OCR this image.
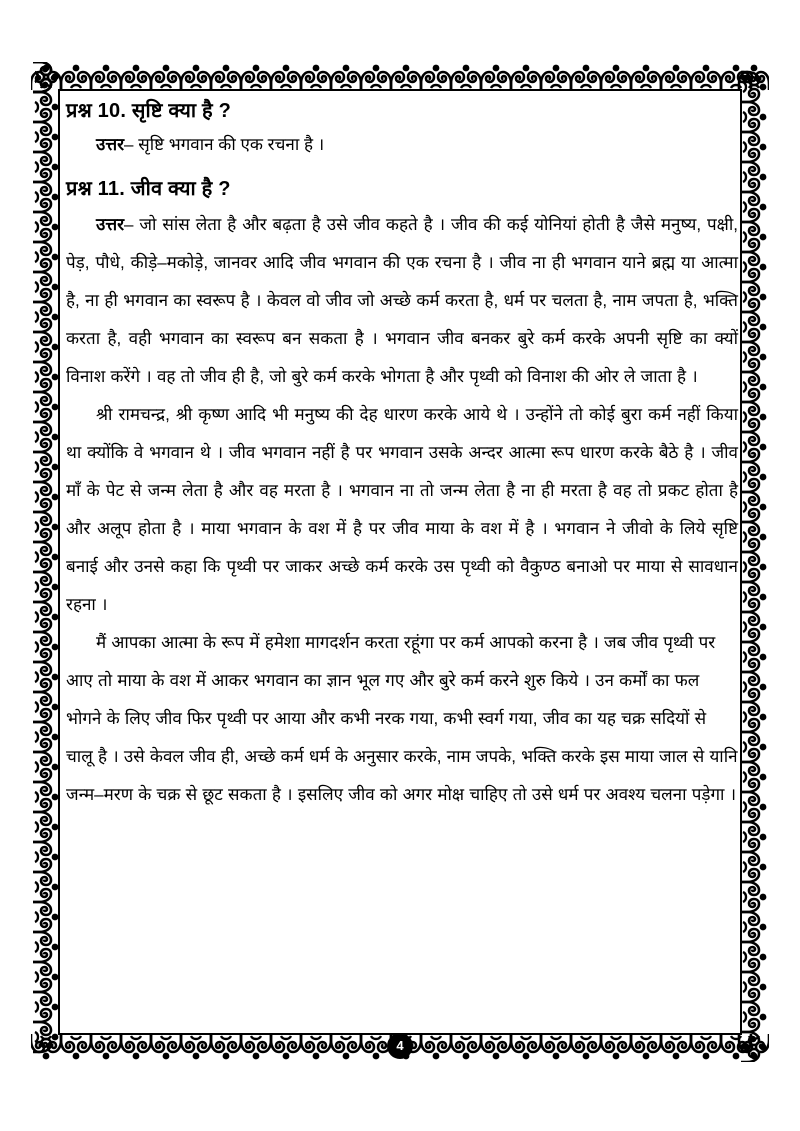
4
प्रश्न 10. सृष्टि क्या है ?

उत्तर– सृष्टि भगवान की एक रचना है ।

प्रश्न 11. जीव क्या है ?

उत्तर– जो सांस लेता है और बढ़ता है उसे जीव कहते है । जीव की कई योनियां होती है जैसे मनुष्य, पक्षी, पेड़, पौधे, कीड़े–मकोड़े, जानवर आदि जीव भगवान की एक रचना है । जीव ना ही भगवान याने ब्रह्म या आत्मा है, ना ही भगवान का स्वरूप है । केवल वो जीव जो अच्छे कर्म करता है, धर्म पर चलता है, नाम जपता है, भक्ति करता है, वही भगवान का स्वरूप बन सकता है । भगवान जीव बनकर बुरे कर्म करके अपनी सृष्टि का क्यों विनाश करेंगे । वह तो जीव ही है, जो बुरे कर्म करके भोगता है और पृथ्वी को विनाश की ओर ले जाता है ।

श्री रामचन्द्र, श्री कृष्ण आदि भी मनुष्य की देह धारण करके आये थे । उन्होंने तो कोई बुरा कर्म नहीं किया था क्योंकि वे भगवान थे । जीव भगवान नहीं है पर भगवान उसके अन्दर आत्मा रूप धारण करके बैठे है । जीव माँ के पेट से जन्म लेता है और वह मरता है । भगवान ना तो जन्म लेता है ना ही मरता है वह तो प्रकट होता है और अलूप होता है । माया भगवान के वश में है पर जीव माया के वश में है । भगवान ने जीवो के लिये सृष्टि बनाई और उनसे कहा कि पृथ्वी पर जाकर अच्छे कर्म करके उस पृथ्वी को वैकुण्ठ बनाओ पर माया से सावधान रहना ।

मैं आपका आत्मा के रूप में हमेशा मागदर्शन करता रहूंगा पर कर्म आपको करना है । जब जीव पृथ्वी पर आए तो माया के वश में आकर भगवान का ज्ञान भूल गए और बुरे कर्म करने शुरु किये । उन कर्मों का फल भोगने के लिए जीव फिर पृथ्वी पर आया और कभी नरक गया, कभी स्वर्ग गया, जीव का यह चक्र सदियों से चालू है । उसे केवल जीव ही, अच्छे कर्म धर्म के अनुसार करके, नाम जपके, भक्ति करके इस माया जाल से यानि जन्म–मरण के चक्र से छूट सकता है । इसलिए जीव को अगर मोक्ष चाहिए तो उसे धर्म पर अवश्य चलना पड़ेगा ।
